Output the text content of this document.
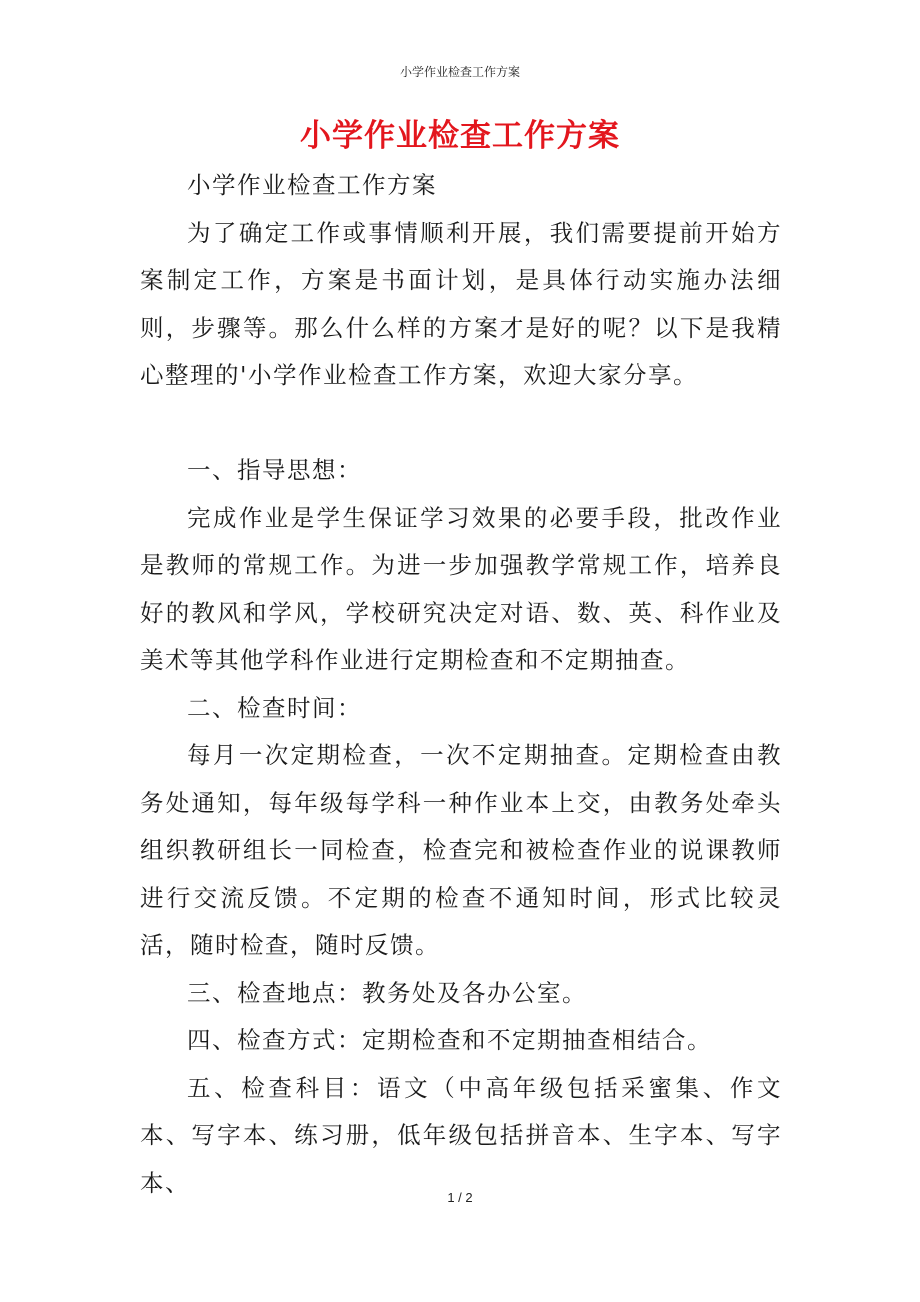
小学作业检查工作方案
小学作业检查工作方案

小学作业检查工作方案

为了确定工作或事情顺利开展，我们需要提前开始方案制定工作，方案是书面计划，是具体行动实施办法细则，步骤等。那么什么样的方案才是好的呢？以下是我精心整理的'小学作业检查工作方案，欢迎大家分享。

一、指导思想：

完成作业是学生保证学习效果的必要手段，批改作业是教师的常规工作。为进一步加强教学常规工作，培养良好的教风和学风，学校研究决定对语、数、英、科作业及美术等其他学科作业进行定期检查和不定期抽查。

二、检查时间：

每月一次定期检查，一次不定期抽查。定期检查由教务处通知，每年级每学科一种作业本上交，由教务处牵头组织教研组长一同检查，检查完和被检查作业的说课教师进行交流反馈。不定期的检查不通知时间，形式比较灵活，随时检查，随时反馈。

三、检查地点：教务处及各办公室。

四、检查方式：定期检查和不定期抽查相结合。

五、检查科目：语文（中高年级包括采蜜集、作文本、写字本、练习册，低年级包括拼音本、生字本、写字本、

1 / 2
